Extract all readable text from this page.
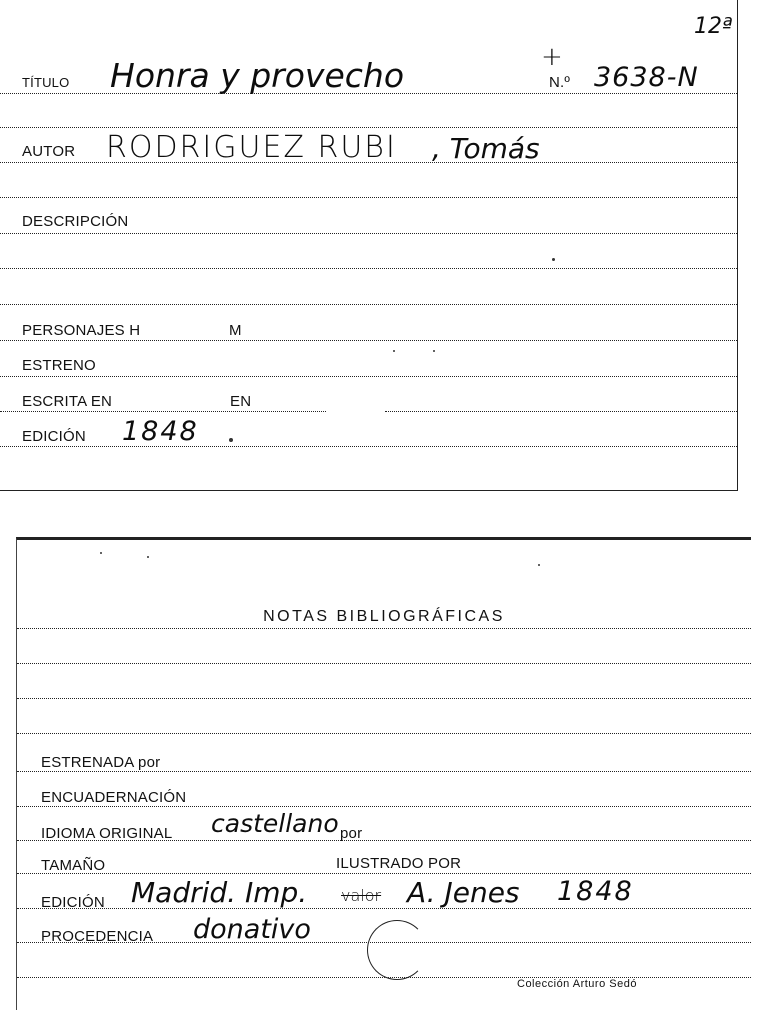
12ª
+
TÍTULO Honra y provecho	N.º 3638-N
AUTOR RODRIGUEZ RUBI , Tomás
DESCRIPCIÓN
PERSONAJES H	M
ESTRENO
ESCRITA EN	EN
EDICIÓN 1848
NOTAS BIBLIOGRÁFICAS
ESTRENADA por
ENCUADERNACIÓN
IDIOMA ORIGINAL castellano por
TAMAÑO	ILUSTRADO POR
EDICIÓN Madrid. Imp. valor A. Jenes 1848
PROCEDENCIA donativo
Colección Arturo Sedó
